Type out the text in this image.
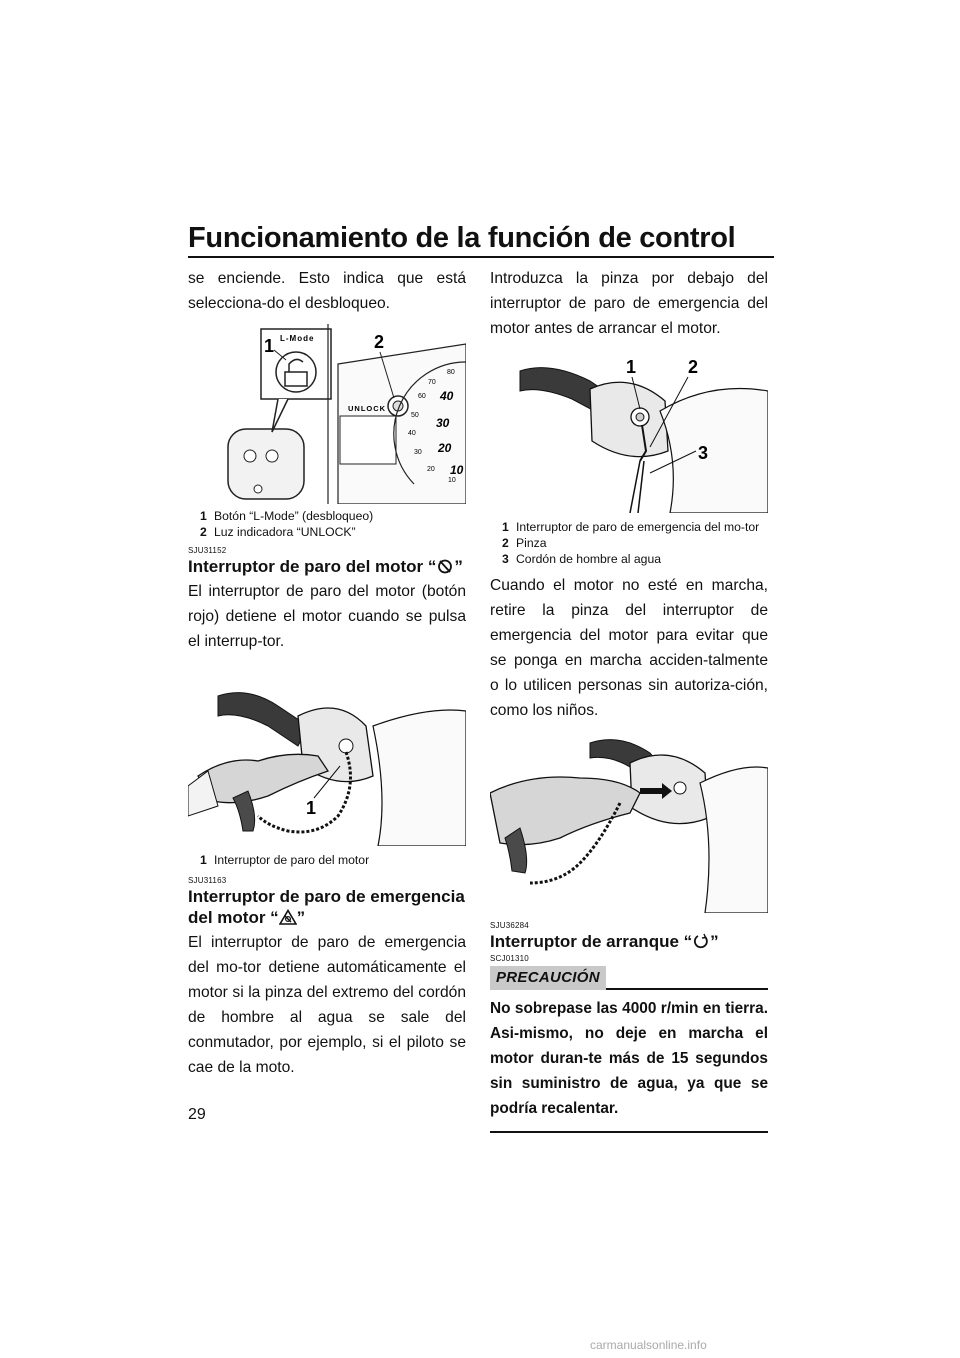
Funcionamiento de la función de control

se enciende. Esto indica que está selecciona-do el desbloqueo.

80
70
60
50
40
30
20
10
40
30
20
10
L-Mode
UNLOCK
1	2
1 Botón “L-Mode” (desbloqueo)
2 Luz indicadora “UNLOCK”
SJU31152
Interruptor de paro del motor “ ”

El interruptor de paro del motor (botón rojo) detiene el motor cuando se pulsa el interrup-tor.

1
1 Interruptor de paro del motor
SJU31163
Interruptor de paro de emergencia del motor “ ”

El interruptor de paro de emergencia del mo-tor detiene automáticamente el motor si la pinza del extremo del cordón de hombre al agua se sale del conmutador, por ejemplo, si el piloto se cae de la moto.

Introduzca la pinza por debajo del interruptor de paro de emergencia del motor antes de arrancar el motor.

1	2
3
1 Interruptor de paro de emergencia del mo-tor
2 Pinza
3 Cordón de hombre al agua

Cuando el motor no esté en marcha, retire la pinza del interruptor de emergencia del motor para evitar que se ponga en marcha acciden-talmente o lo utilicen personas sin autoriza-ción, como los niños.

SJU36284
Interruptor de arranque “ ”
SCJ01310
PRECAUCIÓN
No sobrepase las 4000 r/min en tierra. Asi-mismo, no deje en marcha el motor duran-te más de 15 segundos sin suministro de agua, ya que se podría recalentar.
29
carmanualsonline.info
